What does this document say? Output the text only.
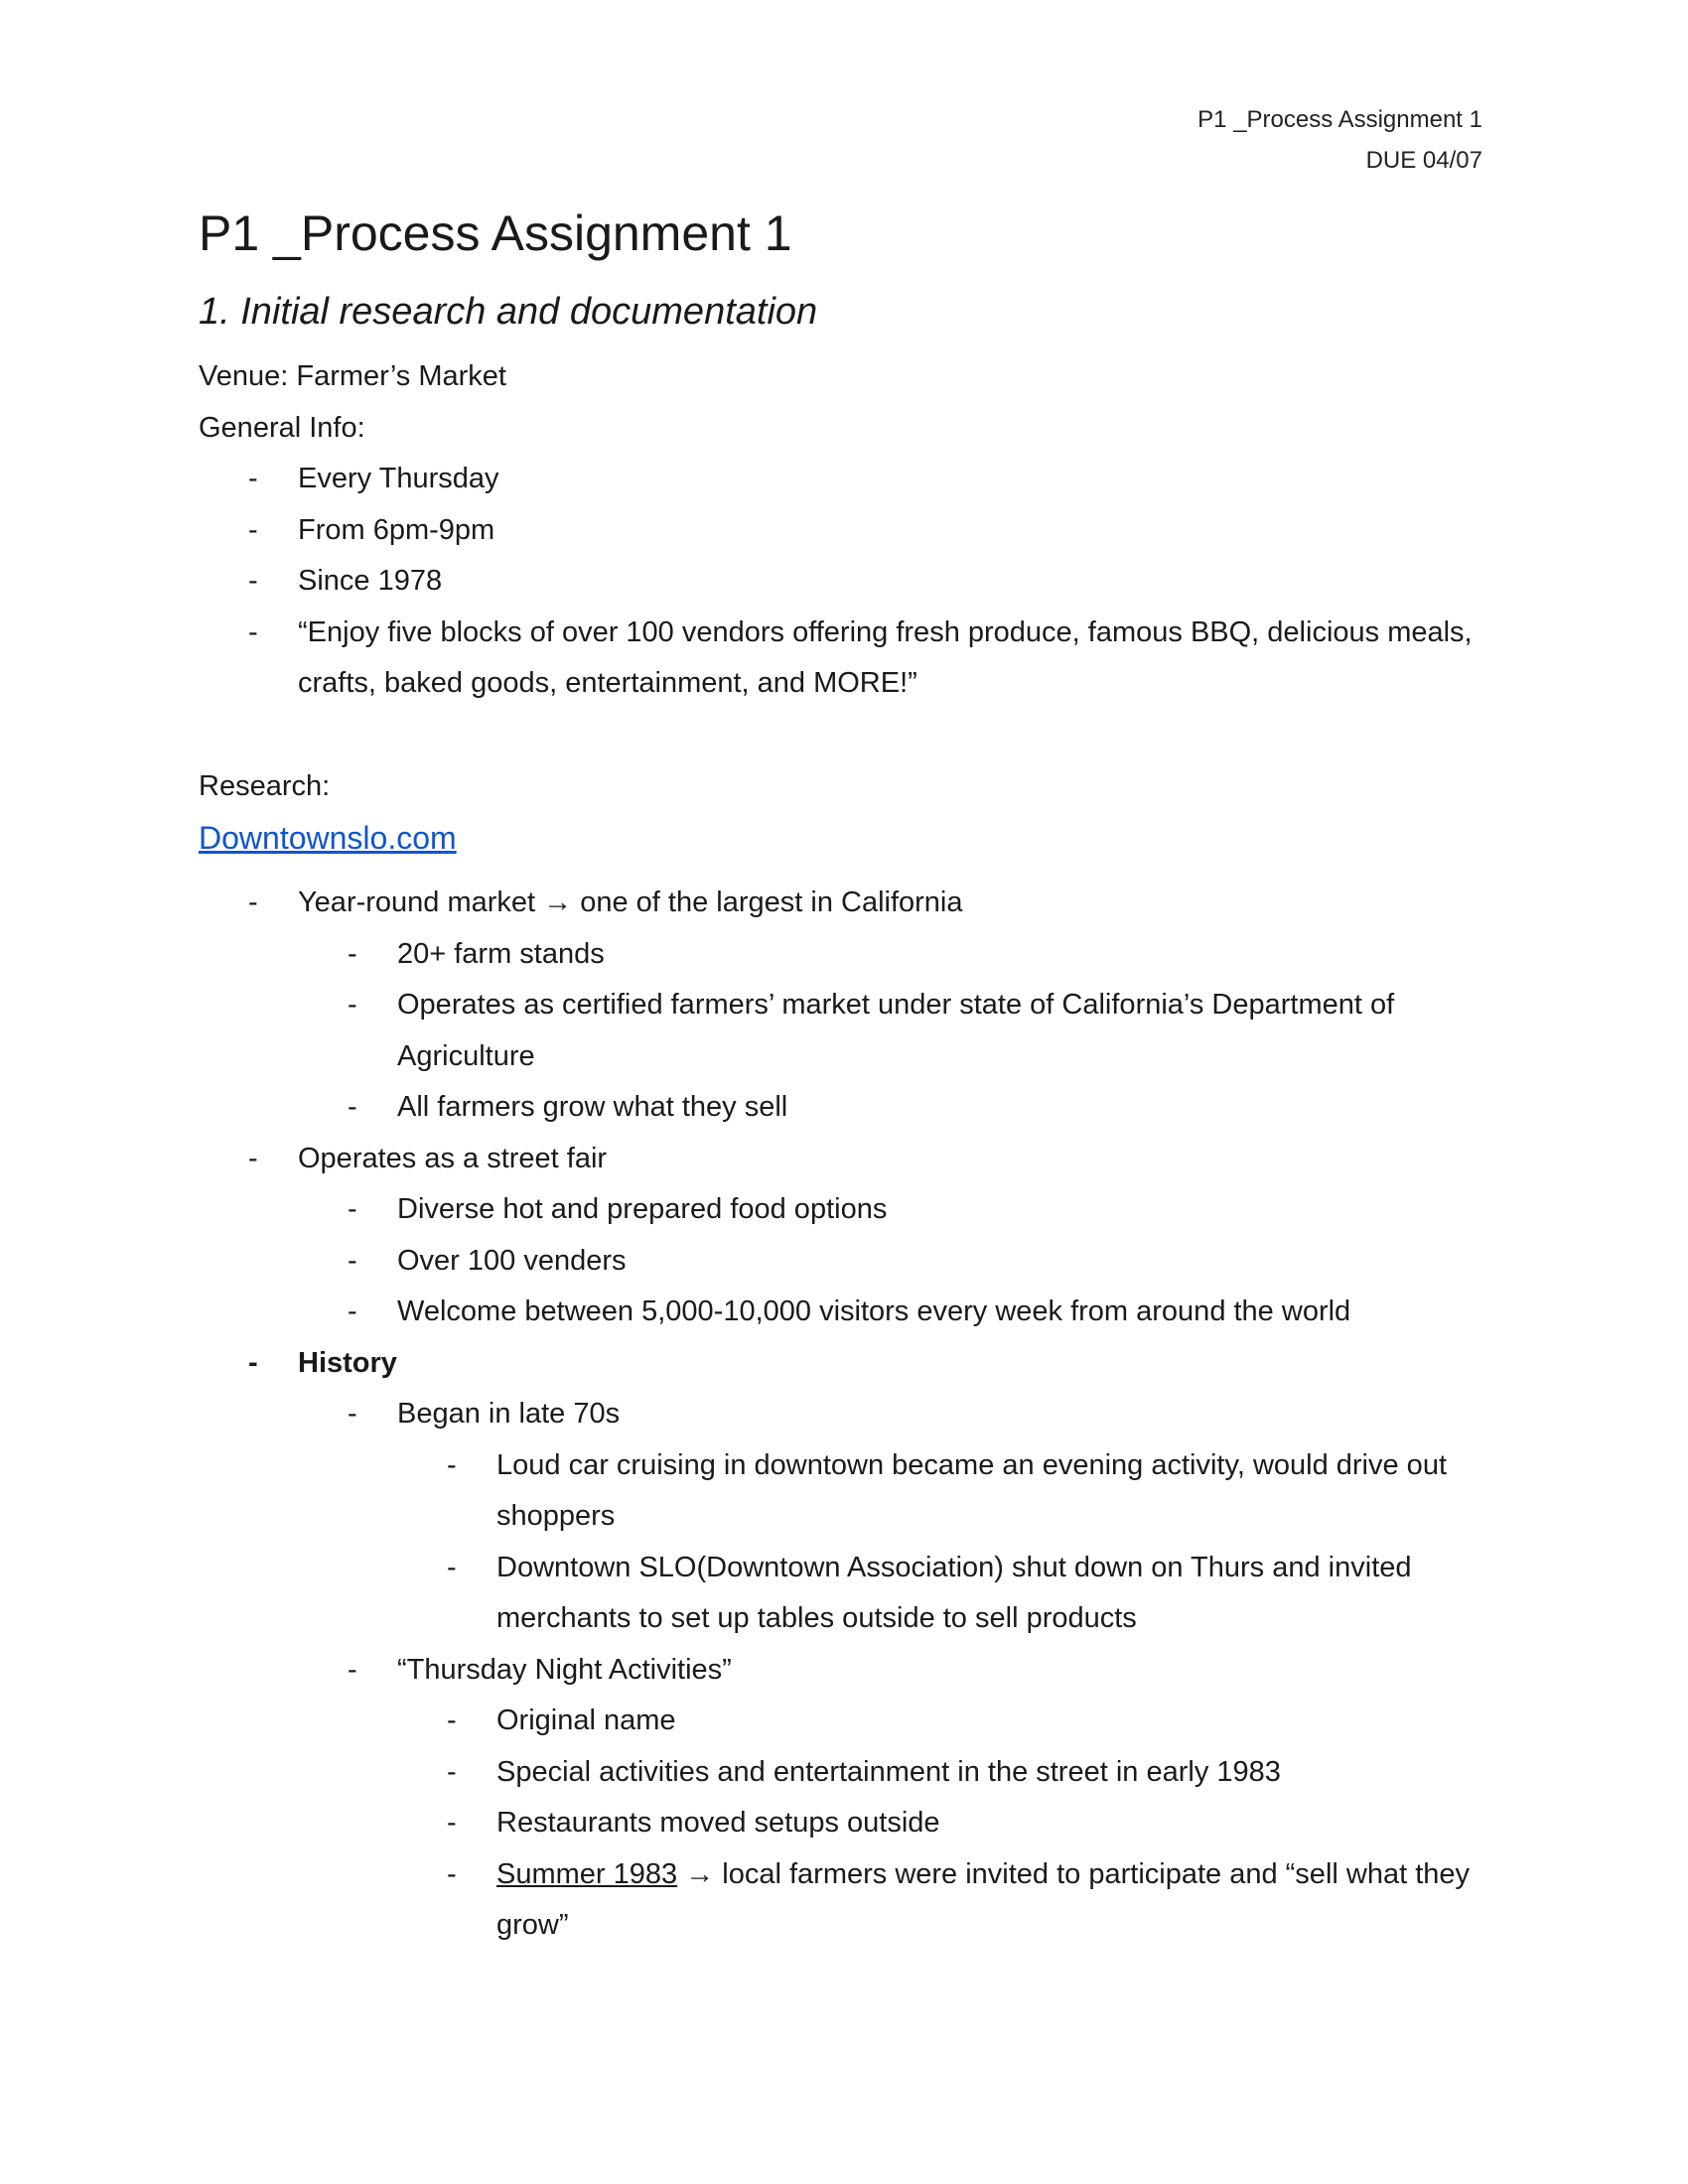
P1 _Process Assignment 1
DUE 04/07
P1 _Process Assignment 1
1. Initial research and documentation
Venue: Farmer’s Market
General Info:
- Every Thursday
- From 6pm-9pm
- Since 1978
- “Enjoy five blocks of over 100 vendors offering fresh produce, famous BBQ, delicious meals, crafts, baked goods, entertainment, and MORE!”
Research:
Downtownslo.com
- Year-round market → one of the largest in California
- 20+ farm stands
- Operates as certified farmers’ market under state of California’s Department of Agriculture
- All farmers grow what they sell
- Operates as a street fair
- Diverse hot and prepared food options
- Over 100 venders
- Welcome between 5,000-10,000 visitors every week from around the world
- History
- Began in late 70s
- Loud car cruising in downtown became an evening activity, would drive out shoppers
- Downtown SLO(Downtown Association) shut down on Thurs and invited merchants to set up tables outside to sell products
- “Thursday Night Activities”
- Original name
- Special activities and entertainment in the street in early 1983
- Restaurants moved setups outside
- Summer 1983 → local farmers were invited to participate and “sell what they grow”
